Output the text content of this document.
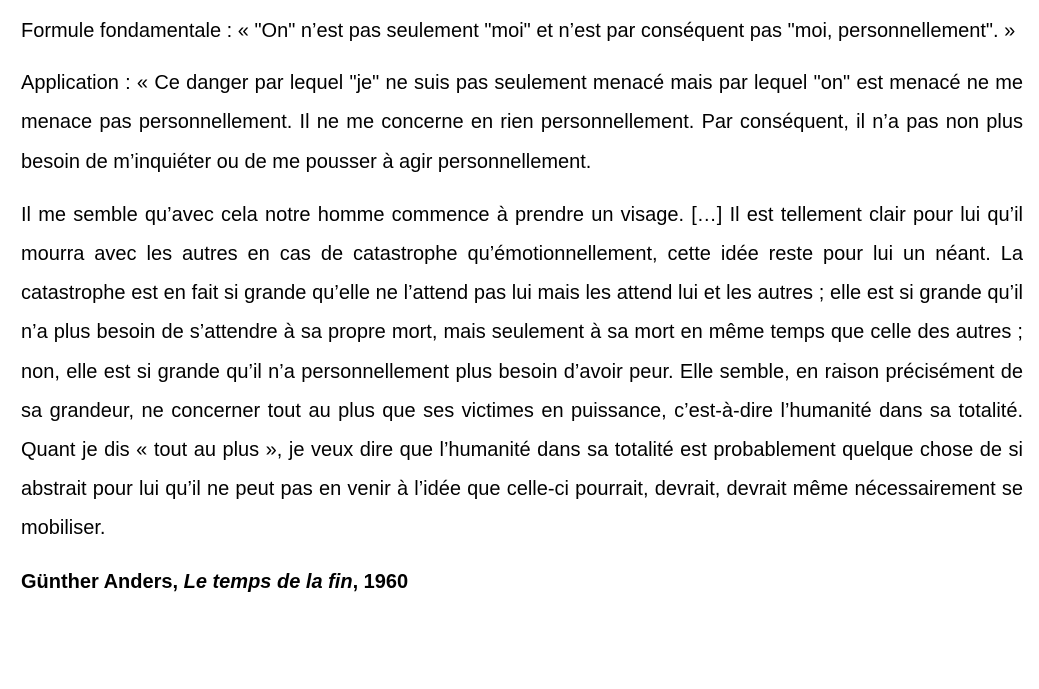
Formule fondamentale : « "On" n’est pas seulement "moi" et n’est par conséquent pas "moi, personnellement". »

Application : « Ce danger par lequel "je" ne suis pas seulement menacé mais par lequel "on" est menacé ne me menace pas personnellement. Il ne me concerne en rien personnellement. Par conséquent, il n’a pas non plus besoin de m’inquiéter ou de me pousser à agir personnellement.

Il me semble qu’avec cela notre homme commence à prendre un visage. […] Il est tellement clair pour lui qu’il mourra avec les autres en cas de catastrophe qu’émotionnellement, cette idée reste pour lui un néant. La catastrophe est en fait si grande qu’elle ne l’attend pas lui mais les attend lui et les autres ; elle est si grande qu’il n’a plus besoin de s’attendre à sa propre mort, mais seulement à sa mort en même temps que celle des autres ; non, elle est si grande qu’il n’a personnellement plus besoin d’avoir peur. Elle semble, en raison précisément de sa grandeur, ne concerner tout au plus que ses victimes en puissance, c’est-à-dire l’humanité dans sa totalité. Quant je dis « tout au plus », je veux dire que l’humanité dans sa totalité est probablement quelque chose de si abstrait pour lui qu’il ne peut pas en venir à l’idée que celle-ci pourrait, devrait, devrait même nécessairement se mobiliser.

Günther Anders, Le temps de la fin, 1960
